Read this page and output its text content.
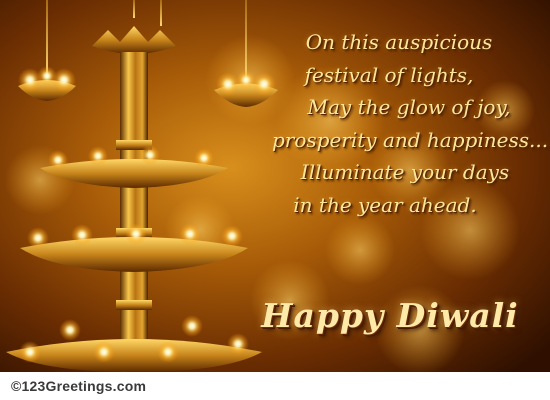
On this auspicious
festival of lights,
May the glow of joy,
prosperity and happiness...
Illuminate your days
in the year ahead.
Happy Diwali
©123Greetings.com
